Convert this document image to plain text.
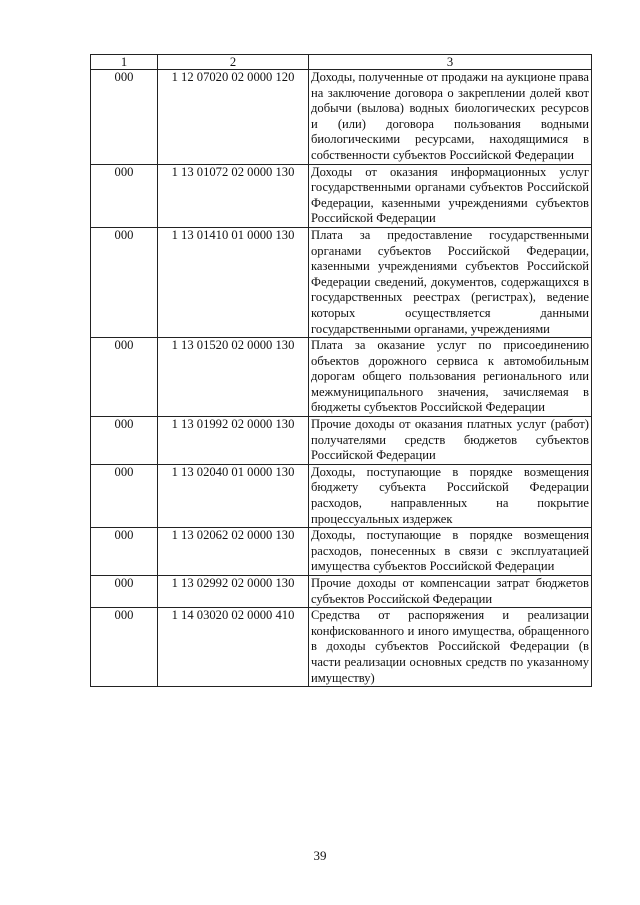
1	2	3
000	1 12 07020 02 0000 120	Доходы, полученные от продажи на аукционе права на заключение договора о закреплении долей квот добычи (вылова) водных биологических ресурсов и (или) договора пользования водными биологическими ресурсами, находящимися в собственности субъектов Российской Федерации
000	1 13 01072 02 0000 130	Доходы от оказания информационных услуг государственными органами субъектов Российской Федерации, казенными учреждениями субъектов Российской Федерации
000	1 13 01410 01 0000 130	Плата за предоставление государственными органами субъектов Российской Федерации, казенными учреждениями субъектов Российской Федерации сведений, документов, содержащихся в государственных реестрах (регистрах), ведение которых осуществляется данными государственными органами, учреждениями
000	1 13 01520 02 0000 130	Плата за оказание услуг по присоединению объектов дорожного сервиса к автомобильным дорогам общего пользования регионального или межмуниципального значения, зачисляемая в бюджеты субъектов Российской Федерации
000	1 13 01992 02 0000 130	Прочие доходы от оказания платных услуг (работ) получателями средств бюджетов субъектов Российской Федерации
000	1 13 02040 01 0000 130	Доходы, поступающие в порядке возмещения бюджету субъекта Российской Федерации расходов, направленных на покрытие процессуальных издержек
000	1 13 02062 02 0000 130	Доходы, поступающие в порядке возмещения расходов, понесенных в связи с эксплуатацией имущества субъектов Российской Федерации
000	1 13 02992 02 0000 130	Прочие доходы от компенсации затрат бюджетов субъектов Российской Федерации
000	1 14 03020 02 0000 410	Средства от распоряжения и реализации конфискованного и иного имущества, обращенного в доходы субъектов Российской Федерации (в части реализации основных средств по указанному имуществу)
39
